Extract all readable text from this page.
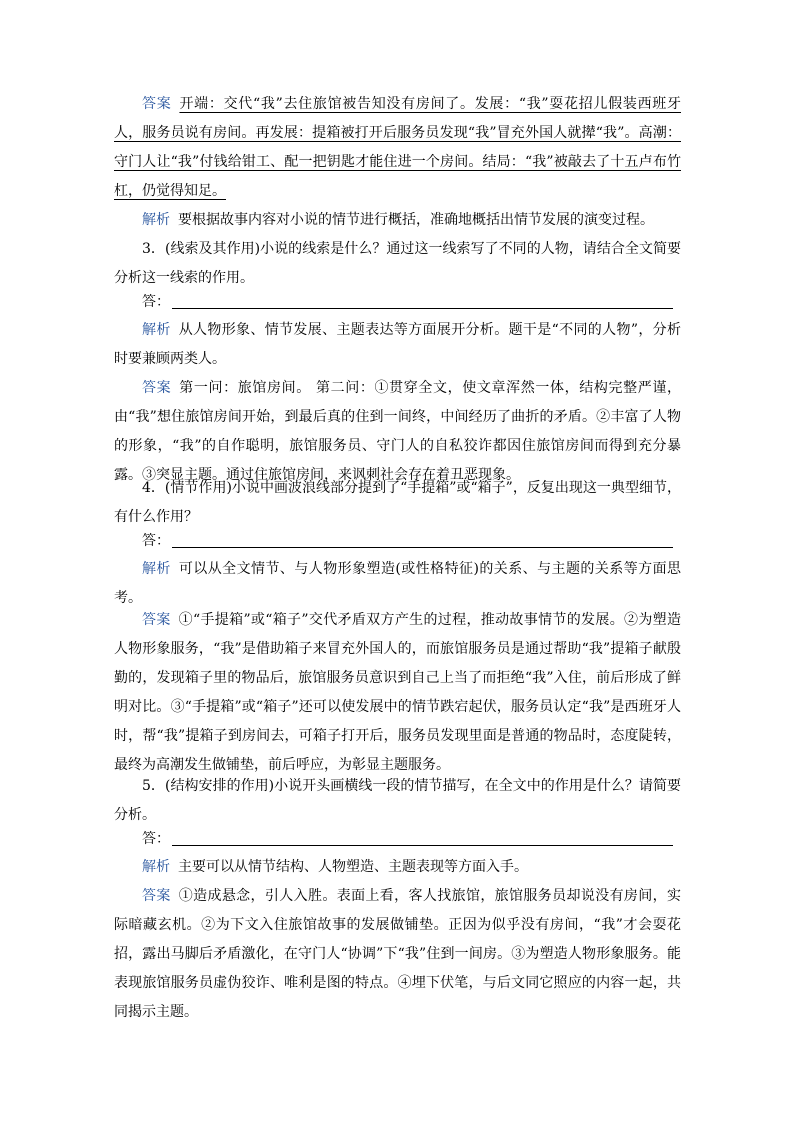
答案 开端：交代“我”去住旅馆被告知没有房间了。发展：“我”耍花招儿假装西班牙人，服务员说有房间。再发展：提箱被打开后服务员发现“我”冒充外国人就撵“我”。高潮：守门人让“我”付钱给钳工、配一把钥匙才能住进一个房间。结局：“我”被敲去了十五卢布竹杠，仍觉得知足。
解析 要根据故事内容对小说的情节进行概括，准确地概括出情节发展的演变过程。
3．(线索及其作用)小说的线索是什么？通过这一线索写了不同的人物，请结合全文简要分析这一线索的作用。
答：
解析 从人物形象、情节发展、主题表达等方面展开分析。题干是“不同的人物”，分析时要兼顾两类人。
答案 第一问：旅馆房间。 第二问：①贯穿全文，使文章浑然一体，结构完整严谨，由“我”想住旅馆房间开始，到最后真的住到一间终，中间经历了曲折的矛盾。②丰富了人物的形象，“我”的自作聪明，旅馆服务员、守门人的自私狡诈都因住旅馆房间而得到充分暴露。③突显主题。通过住旅馆房间，来讽刺社会存在着丑恶现象。
4．(情节作用)小说中画波浪线部分提到了“手提箱”或“箱子”，反复出现这一典型细节，有什么作用？
答：
解析 可以从全文情节、与人物形象塑造(或性格特征)的关系、与主题的关系等方面思考。
答案 ①“手提箱”或“箱子”交代矛盾双方产生的过程，推动故事情节的发展。②为塑造人物形象服务，“我”是借助箱子来冒充外国人的，而旅馆服务员是通过帮助“我”提箱子献殷勤的，发现箱子里的物品后，旅馆服务员意识到自己上当了而拒绝“我”入住，前后形成了鲜明对比。③“手提箱”或“箱子”还可以使发展中的情节跌宕起伏，服务员认定“我”是西班牙人时，帮“我”提箱子到房间去，可箱子打开后，服务员发现里面是普通的物品时，态度陡转，最终为高潮发生做铺垫，前后呼应，为彰显主题服务。
5．(结构安排的作用)小说开头画横线一段的情节描写，在全文中的作用是什么？请简要分析。
答：
解析 主要可以从情节结构、人物塑造、主题表现等方面入手。
答案 ①造成悬念，引人入胜。表面上看，客人找旅馆，旅馆服务员却说没有房间，实际暗藏玄机。②为下文入住旅馆故事的发展做铺垫。正因为似乎没有房间，“我”才会耍花招，露出马脚后矛盾激化，在守门人“协调”下“我”住到一间房。③为塑造人物形象服务。能表现旅馆服务员虚伪狡诈、唯利是图的特点。④埋下伏笔，与后文同它照应的内容一起，共同揭示主题。
